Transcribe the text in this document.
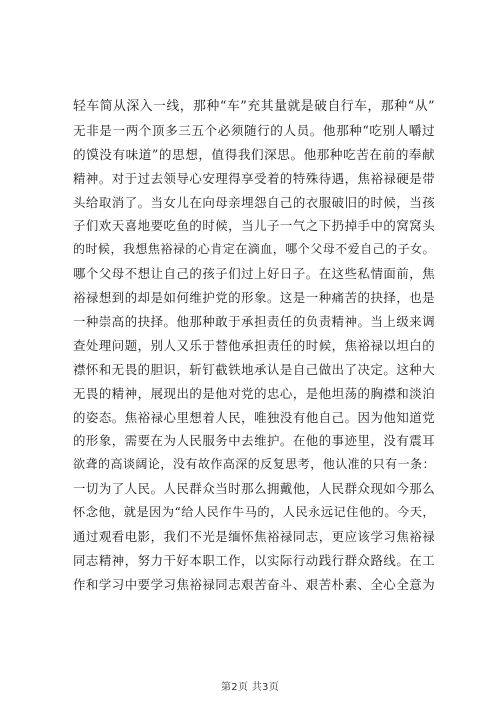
轻车简从深入一线，那种“车”充其量就是破自行车，那种“从”
无非是一两个顶多三五个必须随行的人员。他那种“吃别人嚼过
的馍没有味道”的思想，值得我们深思。他那种吃苦在前的奉献
精神。对于过去领导心安理得享受着的特殊待遇，焦裕禄硬是带
头给取消了。当女儿在向母亲埋怨自己的衣服破旧的时候，当孩
子们欢天喜地要吃鱼的时候，当儿子一气之下扔掉手中的窝窝头
的时候，我想焦裕禄的心肯定在滴血，哪个父母不爱自己的子女。
哪个父母不想让自己的孩子们过上好日子。在这些私情面前，焦
裕禄想到的却是如何维护党的形象。这是一种痛苦的抉择，也是
一种崇高的抉择。他那种敢于承担责任的负责精神。当上级来调
查处理问题，别人又乐于替他承担责任的时候，焦裕禄以坦白的
襟怀和无畏的胆识，斩钉截铁地承认是自己做出了决定。这种大
无畏的精神，展现出的是他对党的忠心，是他坦荡的胸襟和淡泊
的姿态。焦裕禄心里想着人民，唯独没有他自己。因为他知道党
的形象，需要在为人民服务中去维护。在他的事迹里，没有震耳
欲聋的高谈阔论，没有故作高深的反复思考，他认准的只有一条：
一切为了人民。人民群众当时那么拥戴他，人民群众现如今那么
怀念他，就是因为“给人民作牛马的，人民永远记住他的。今天，
通过观看电影，我们不光是缅怀焦裕禄同志，更应该学习焦裕禄
同志精神，努力干好本职工作，以实际行动践行群众路线。在工
作和学习中要学习焦裕禄同志艰苦奋斗、艰苦朴素、全心全意为
第2页 共3页
